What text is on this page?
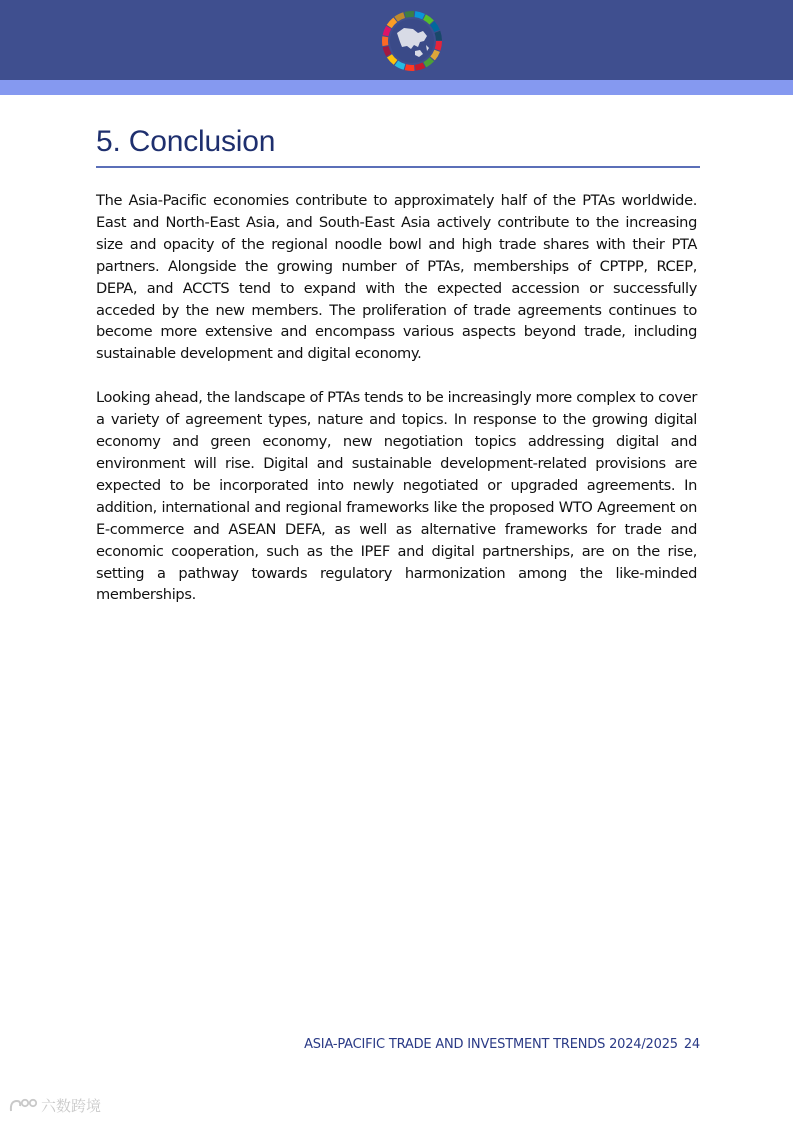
5. Conclusion

The Asia-Pacific economies contribute to approximately half of the PTAs worldwide. East and North-East Asia, and South-East Asia actively contribute to the increasing size and opacity of the regional noodle bowl and high trade shares with their PTA partners. Alongside the growing number of PTAs, memberships of CPTPP, RCEP, DEPA, and ACCTS tend to expand with the expected accession or successfully acceded by the new members. The proliferation of trade agreements continues to become more extensive and encompass various aspects beyond trade, including sustainable development and digital economy.

Looking ahead, the landscape of PTAs tends to be increasingly more complex to cover a variety of agreement types, nature and topics. In response to the growing digital economy and green economy, new negotiation topics addressing digital and environment will rise. Digital and sustainable development-related provisions are expected to be incorporated into newly negotiated or upgraded agreements. In addition, international and regional frameworks like the proposed WTO Agreement on E-commerce and ASEAN DEFA, as well as alternative frameworks for trade and economic cooperation, such as the IPEF and digital partnerships, are on the rise, setting a pathway towards regulatory harmonization among the like-minded memberships.

ASIA-PACIFIC TRADE AND INVESTMENT TRENDS 2024/2025 24
六数跨境
